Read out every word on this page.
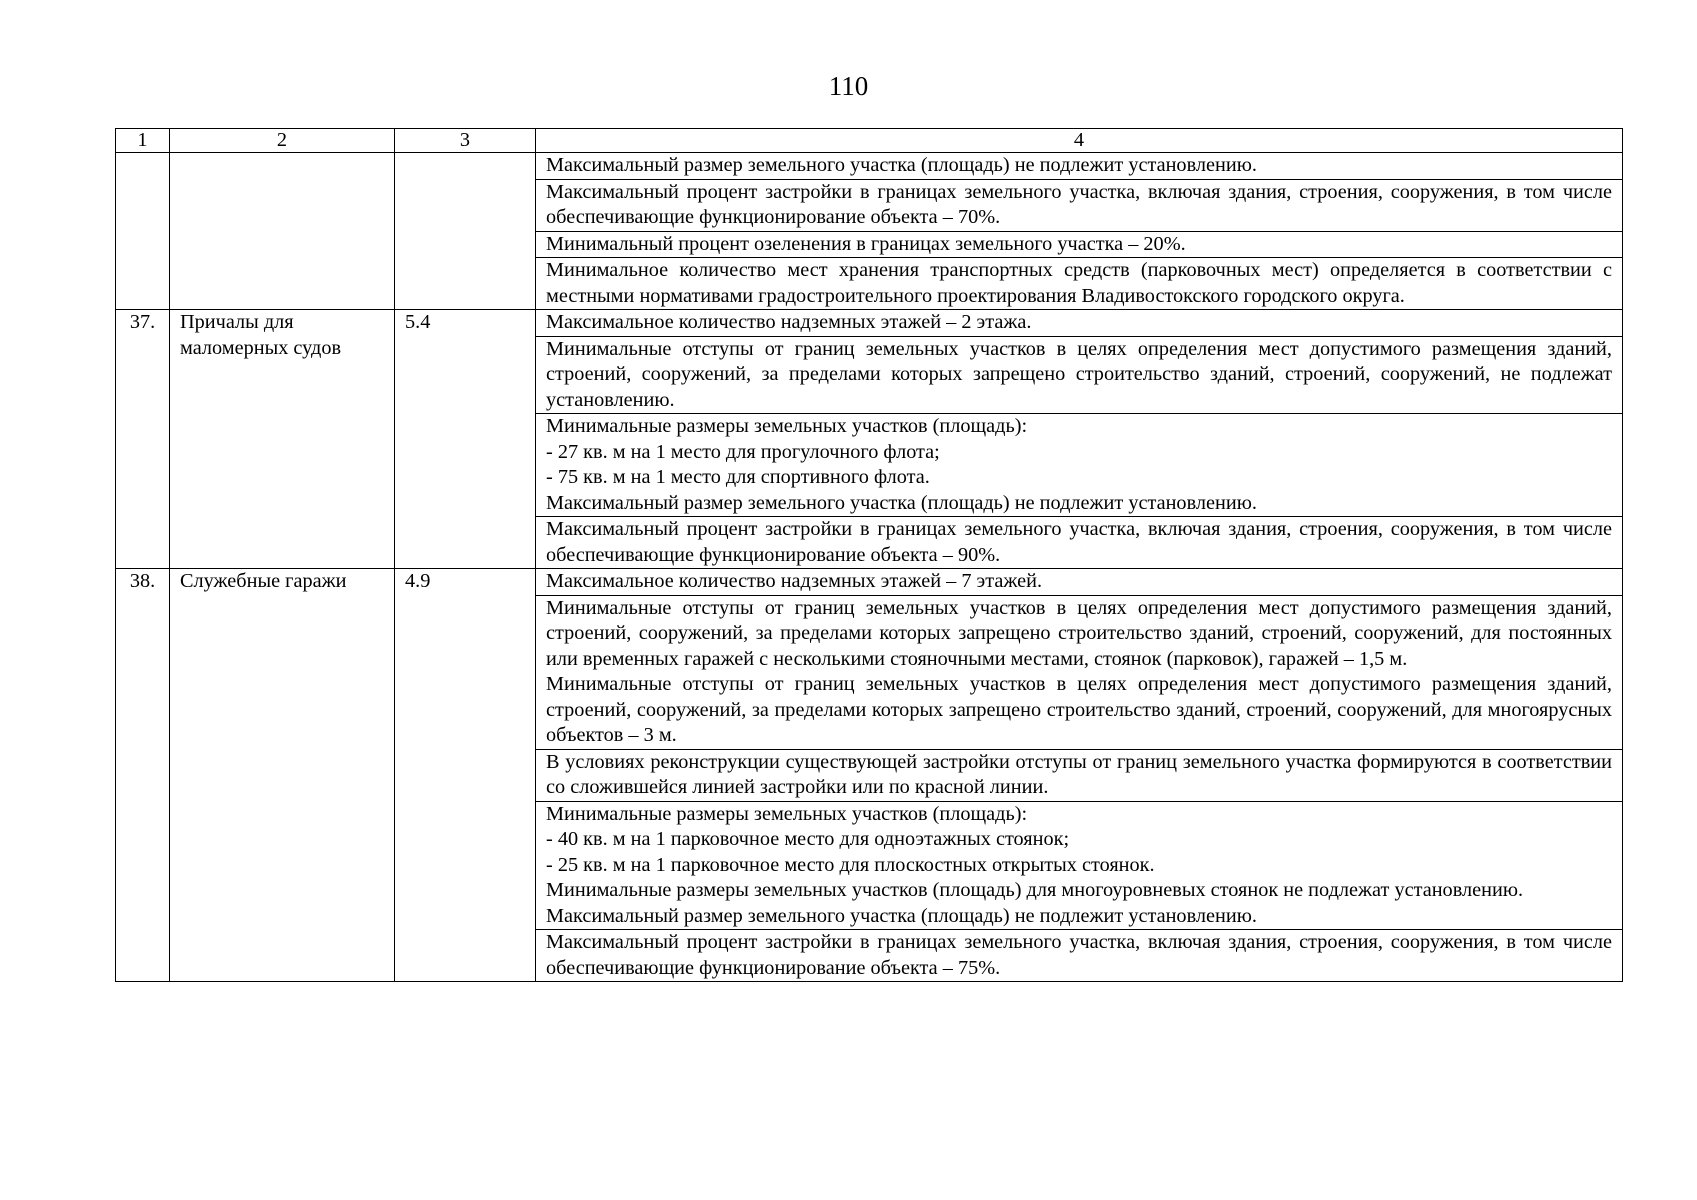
110
1	2	3	4

			Максимальный размер земельного участка (площадь) не подлежит установлению.

			Максимальный процент застройки в границах земельного участка, включая здания, строения, сооружения, в том числе обеспечивающие функционирование объекта – 70%.

			Минимальный процент озеленения в границах земельного участка – 20%.

			Минимальное количество мест хранения транспортных средств (парковочных мест) определяется в соответствии с местными нормативами градостроительного проектирования Владивостокского городского округа.

37.	Причалы для маломерных судов	5.4	Максимальное количество надземных этажей – 2 этажа.

			Минимальные отступы от границ земельных участков в целях определения мест допустимого размещения зданий, строений, сооружений, за пределами которых запрещено строительство зданий, строений, сооружений, не подлежат установлению.

			Минимальные размеры земельных участков (площадь):

- 27 кв. м на 1 место для прогулочного флота;

- 75 кв. м на 1 место для спортивного флота.

Максимальный размер земельного участка (площадь) не подлежит установлению.

			Максимальный процент застройки в границах земельного участка, включая здания, строения, сооружения, в том числе обеспечивающие функционирование объекта – 90%.

38.	Служебные гаражи	4.9	Максимальное количество надземных этажей – 7 этажей.

			Минимальные отступы от границ земельных участков в целях определения мест допустимого размещения зданий, строений, сооружений, за пределами которых запрещено строительство зданий, строений, сооружений, для постоянных или временных гаражей с несколькими стояночными местами, стоянок (парковок), гаражей – 1,5 м.

Минимальные отступы от границ земельных участков в целях определения мест допустимого размещения зданий, строений, сооружений, за пределами которых запрещено строительство зданий, строений, сооружений, для многоярусных объектов – 3 м.

			В условиях реконструкции существующей застройки отступы от границ земельного участка формируются в соответствии со сложившейся линией застройки или по красной линии.

			Минимальные размеры земельных участков (площадь):

- 40 кв. м на 1 парковочное место для одноэтажных стоянок;

- 25 кв. м на 1 парковочное место для плоскостных открытых стоянок.

Минимальные размеры земельных участков (площадь) для многоуровневых стоянок не подлежат установлению.

Максимальный размер земельного участка (площадь) не подлежит установлению.

			Максимальный процент застройки в границах земельного участка, включая здания, строения, сооружения, в том числе обеспечивающие функционирование объекта – 75%.
